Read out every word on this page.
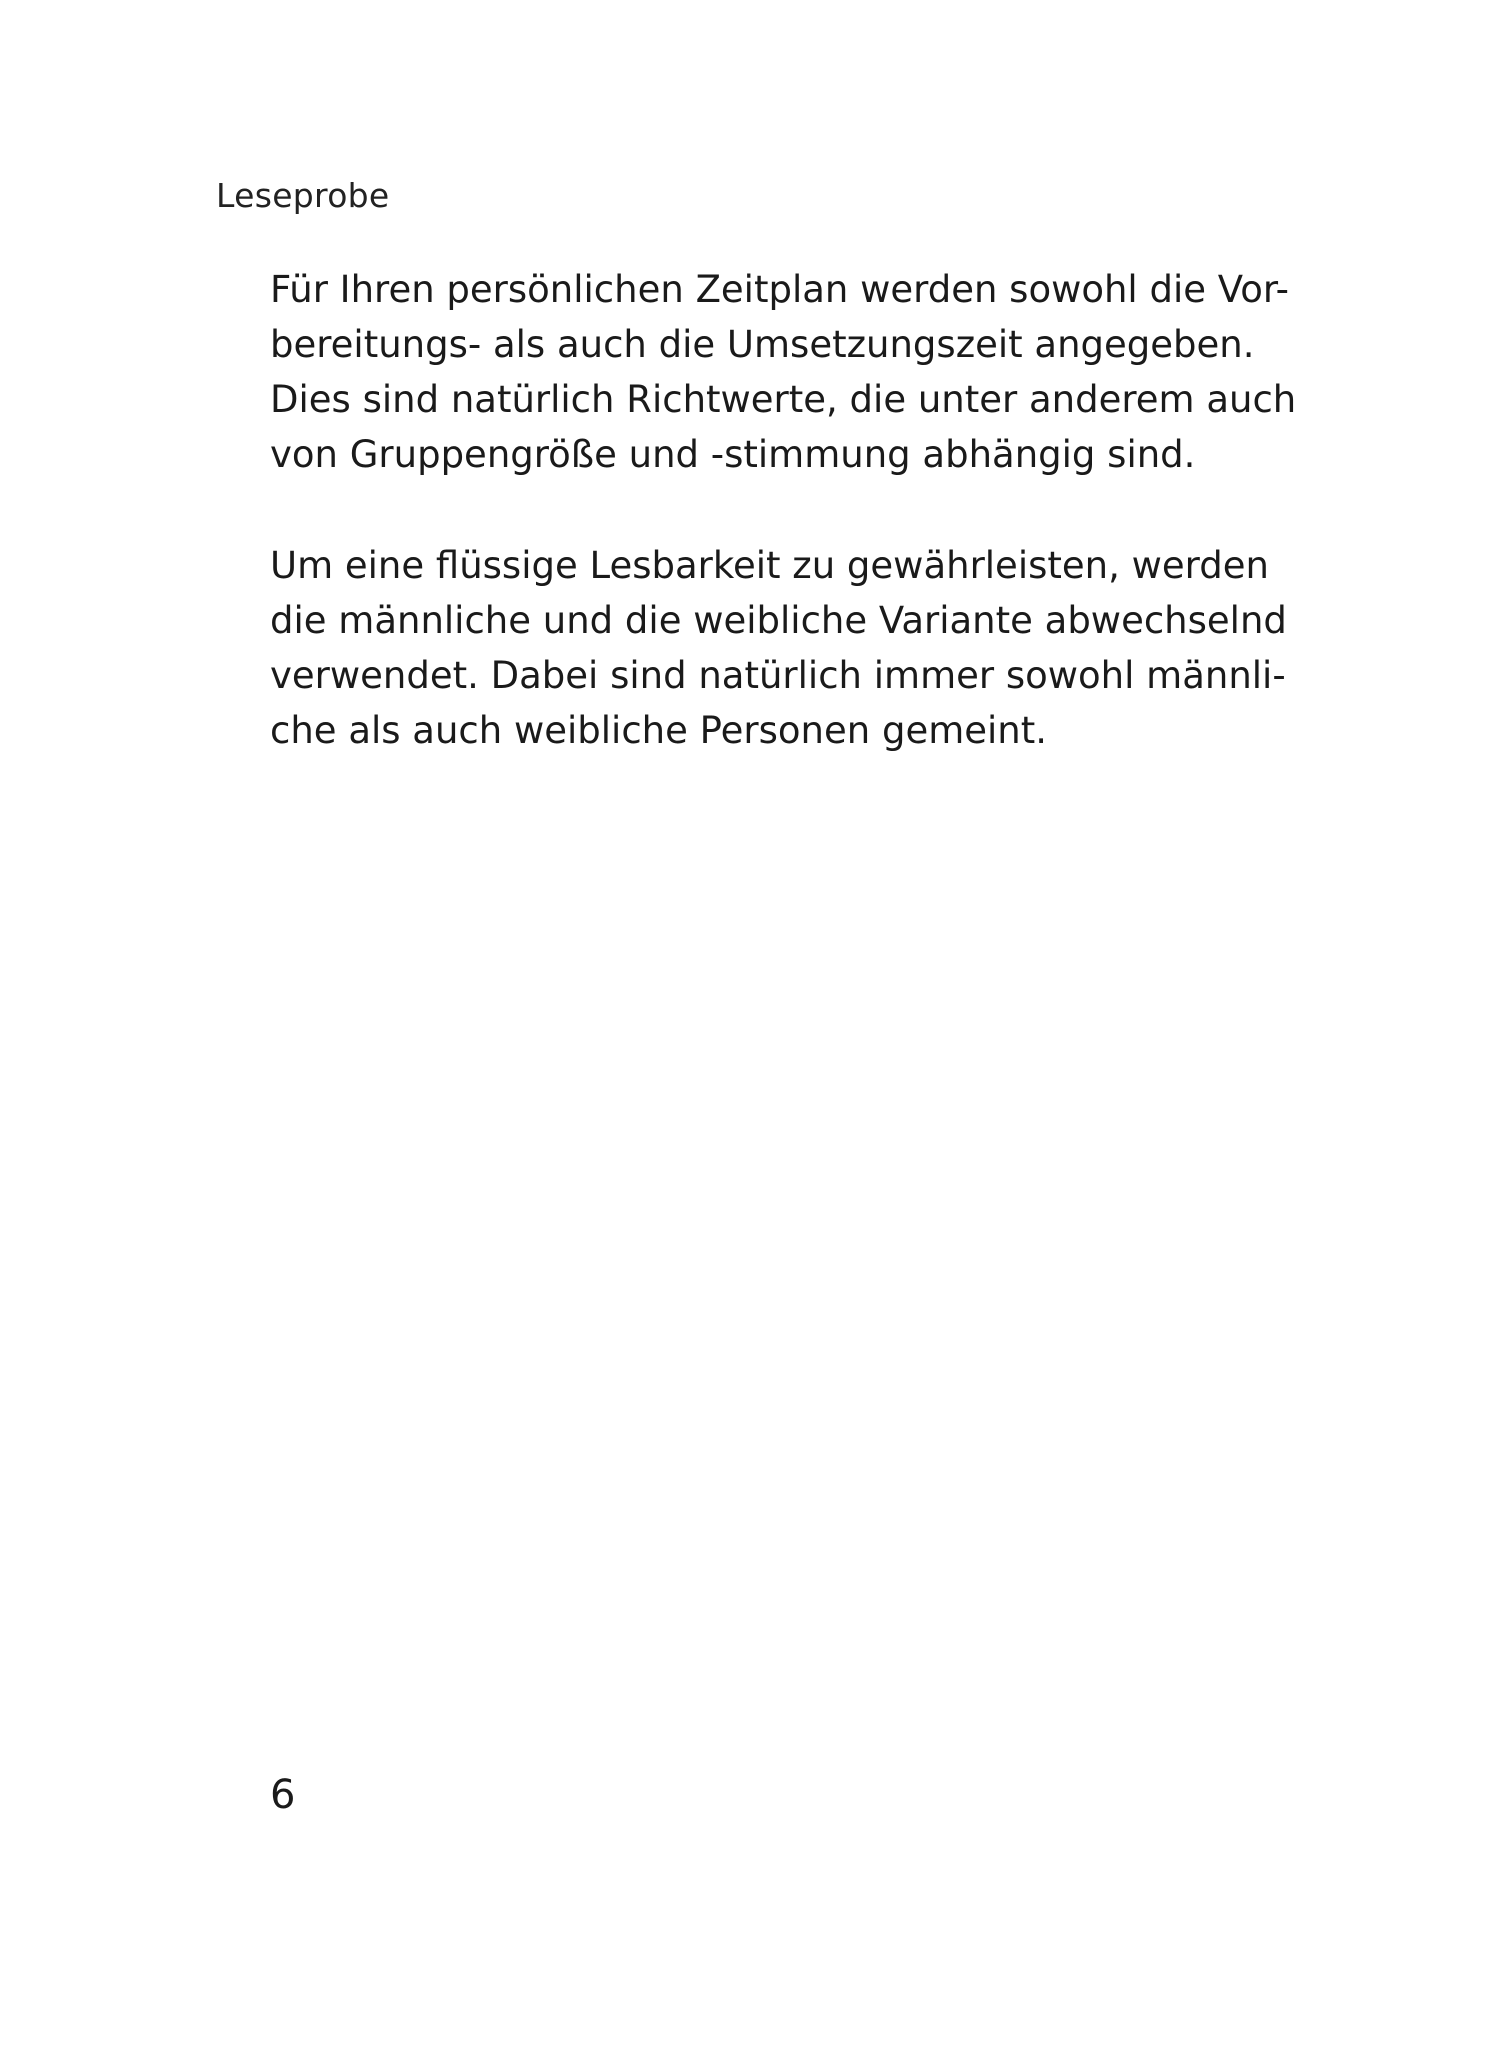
Leseprobe

Für Ihren persönlichen Zeitplan werden sowohl die Vor-
bereitungs- als auch die Umsetzungszeit angegeben.
Dies sind natürlich Richtwerte, die unter anderem auch
von Gruppengröße und -stimmung abhängig sind.

Um eine flüssige Lesbarkeit zu gewährleisten, werden
die männliche und die weibliche Variante abwechselnd
verwendet. Dabei sind natürlich immer sowohl männli-
che als auch weibliche Personen gemeint.

6
